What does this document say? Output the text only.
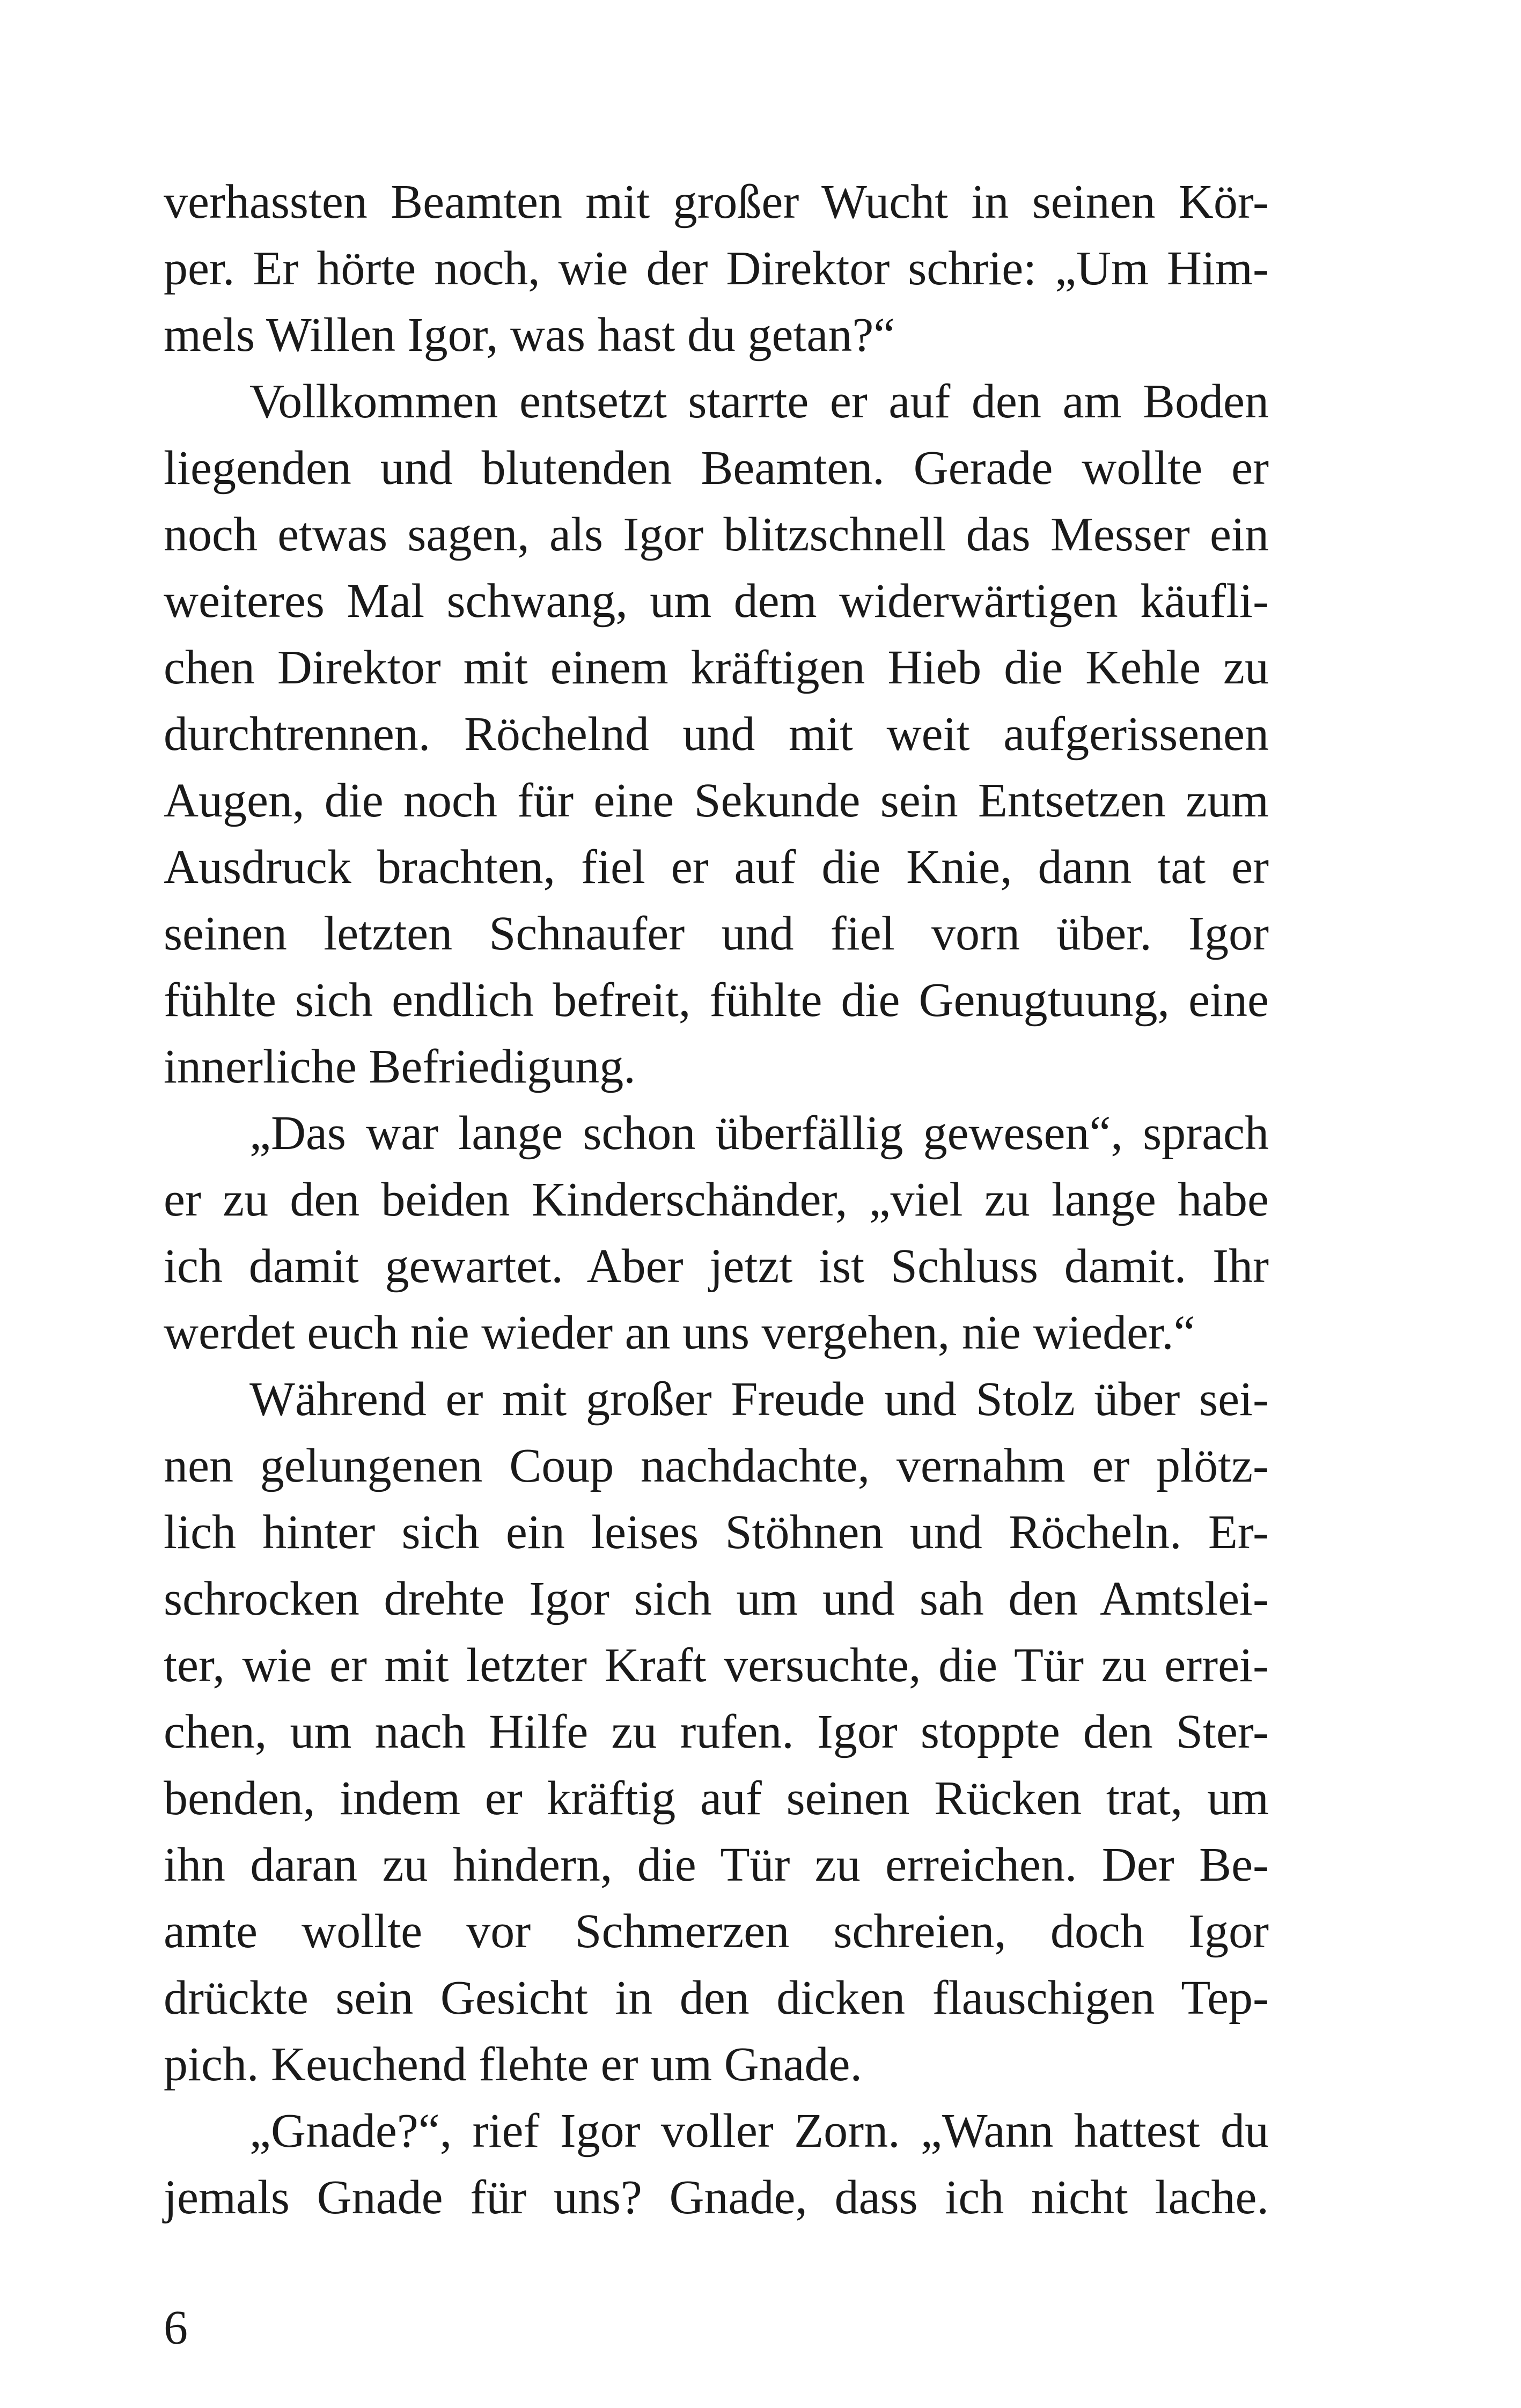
verhassten Beamten mit großer Wucht in seinen Kör-
per. Er hörte noch, wie der Direktor schrie: „Um Him-
mels Willen Igor, was hast du getan?“
Vollkommen entsetzt starrte er auf den am Boden
liegenden und blutenden Beamten. Gerade wollte er
noch etwas sagen, als Igor blitzschnell das Messer ein
weiteres Mal schwang, um dem widerwärtigen käufli-
chen Direktor mit einem kräftigen Hieb die Kehle zu
durchtrennen. Röchelnd und mit weit aufgerissenen
Augen, die noch für eine Sekunde sein Entsetzen zum
Ausdruck brachten, fiel er auf die Knie, dann tat er
seinen letzten Schnaufer und fiel vorn über. Igor
fühlte sich endlich befreit, fühlte die Genugtuung, eine
innerliche Befriedigung.
„Das war lange schon überfällig gewesen“, sprach
er zu den beiden Kinderschänder, „viel zu lange habe
ich damit gewartet. Aber jetzt ist Schluss damit. Ihr
werdet euch nie wieder an uns vergehen, nie wieder.“
Während er mit großer Freude und Stolz über sei-
nen gelungenen Coup nachdachte, vernahm er plötz-
lich hinter sich ein leises Stöhnen und Röcheln. Er-
schrocken drehte Igor sich um und sah den Amtslei-
ter, wie er mit letzter Kraft versuchte, die Tür zu errei-
chen, um nach Hilfe zu rufen. Igor stoppte den Ster-
benden, indem er kräftig auf seinen Rücken trat, um
ihn daran zu hindern, die Tür zu erreichen. Der Be-
amte wollte vor Schmerzen schreien, doch Igor
drückte sein Gesicht in den dicken flauschigen Tep-
pich. Keuchend flehte er um Gnade.
„Gnade?“, rief Igor voller Zorn. „Wann hattest du
jemals Gnade für uns? Gnade, dass ich nicht lache.
6
